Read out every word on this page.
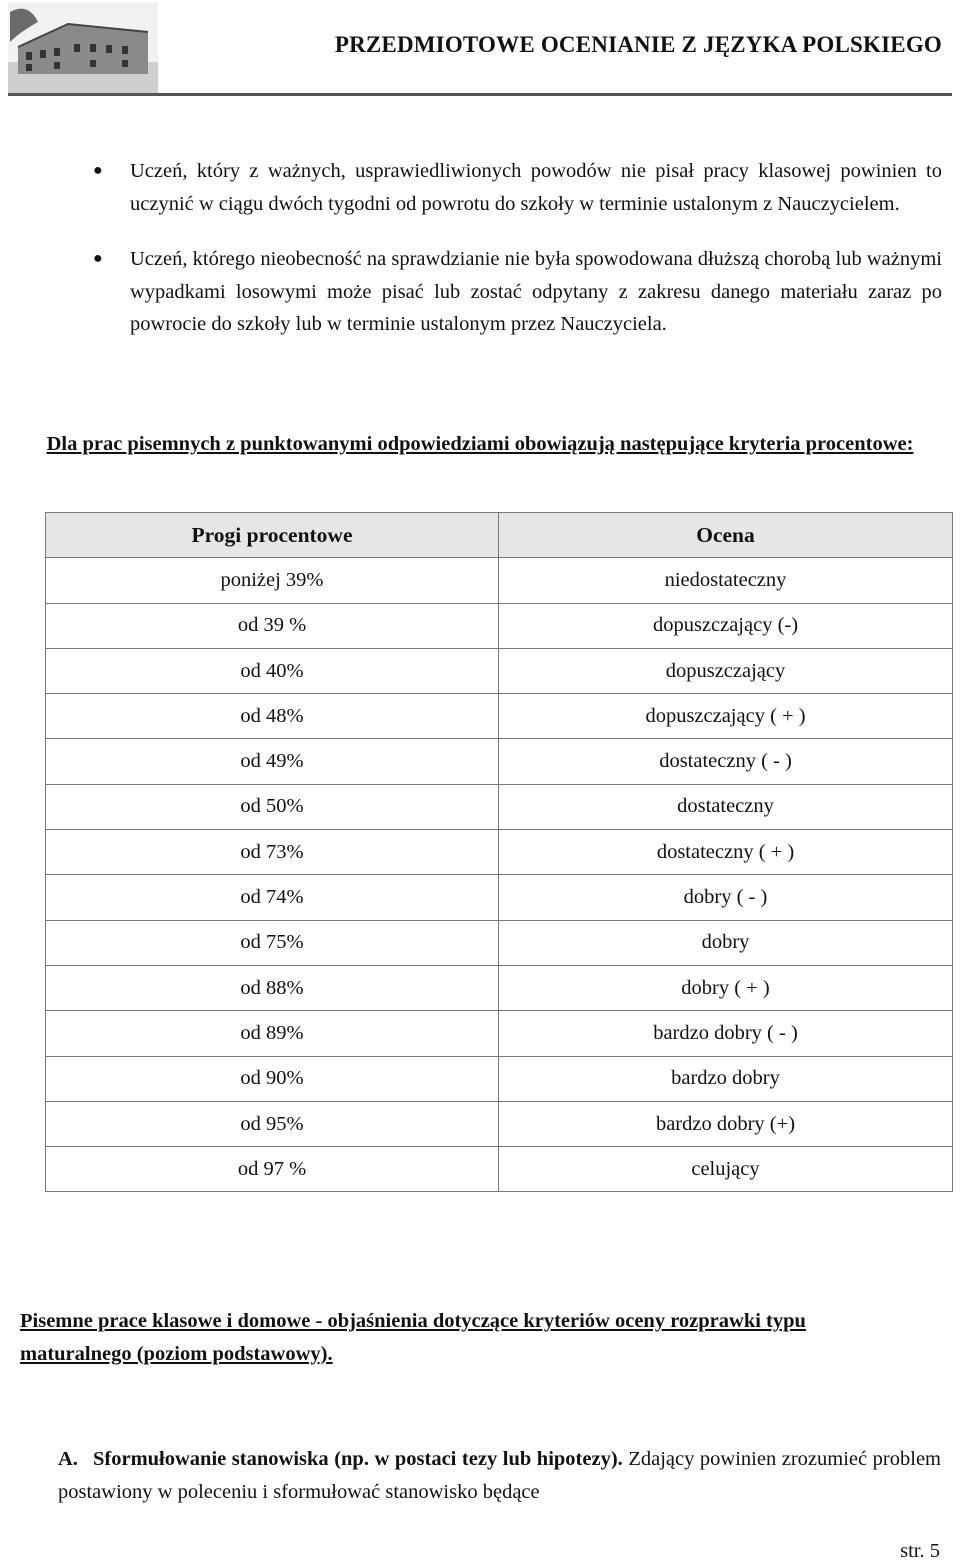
PRZEDMIOTOWE OCENIANIE Z JĘZYKA POLSKIEGO
● Uczeń, który z ważnych, usprawiedliwionych powodów nie pisał pracy klasowej powinien to uczynić w ciągu dwóch tygodni od powrotu do szkoły w terminie ustalonym z Nauczycielem.
● Uczeń, którego nieobecność na sprawdzianie nie była spowodowana dłuższą chorobą lub ważnymi wypadkami losowymi może pisać lub zostać odpytany z zakresu danego materiału zaraz po powrocie do szkoły lub w terminie ustalonym przez Nauczyciela.
Dla prac pisemnych z punktowanymi odpowiedziami obowiązują następujące kryteria procentowe:
Progi procentowe	Ocena
poniżej 39%	niedostateczny
od 39 %	dopuszczający (-)
od 40%	dopuszczający
od 48%	dopuszczający ( + )
od 49%	dostateczny ( - )
od 50%	dostateczny
od 73%	dostateczny ( + )
od 74%	dobry ( - )
od 75%	dobry
od 88%	dobry ( + )
od 89%	bardzo dobry ( - )
od 90%	bardzo dobry
od 95%	bardzo dobry (+)
od 97 %	celujący
Pisemne prace klasowe i domowe - objaśnienia dotyczące kryteriów oceny rozprawki typu maturalnego (poziom podstawowy).
A. Sformułowanie stanowiska (np. w postaci tezy lub hipotezy). Zdający powinien zrozumieć problem postawiony w poleceniu i sformułować stanowisko będące
str. 5
